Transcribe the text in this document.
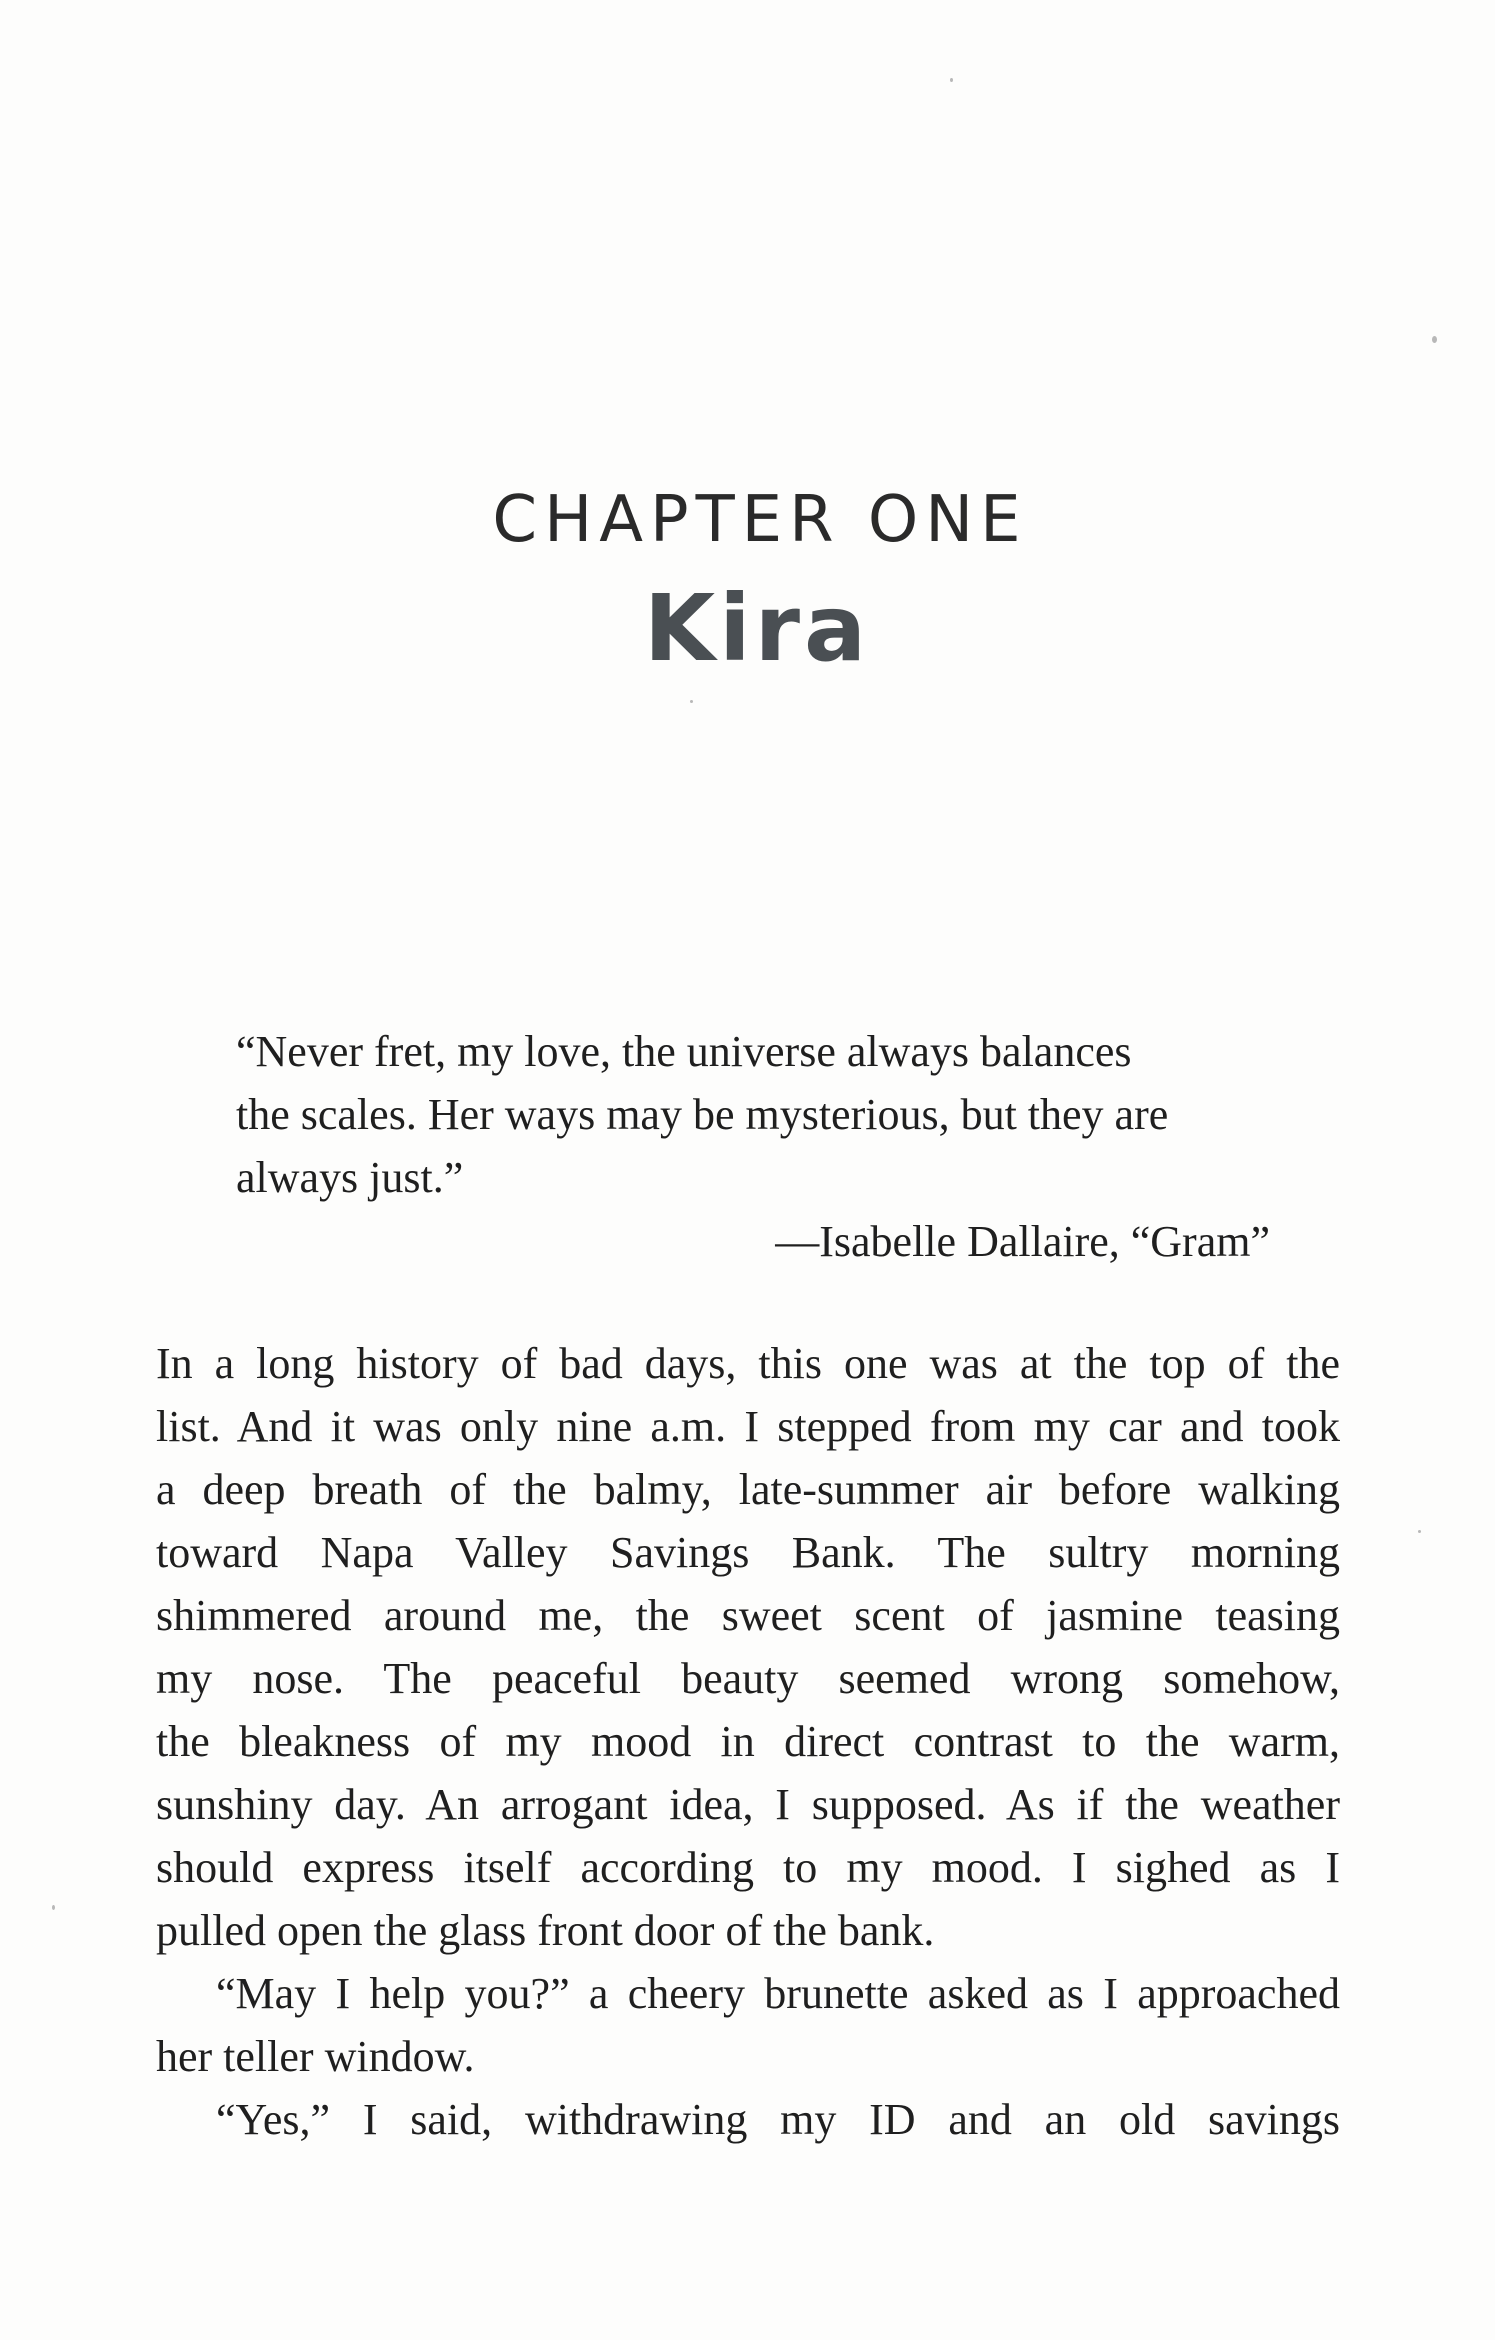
CHAPTER ONE
Kira
“Never fret, my love, the universe always balances
the scales. Her ways may be mysterious, but they are
always just.”
—Isabelle Dallaire, “Gram”
In a long history of bad days, this one was at the top of the
list. And it was only nine a.m. I stepped from my car and took
a deep breath of the balmy, late-summer air before walking
toward Napa Valley Savings Bank. The sultry morning
shimmered around me, the sweet scent of jasmine teasing
my nose. The peaceful beauty seemed wrong somehow,
the bleakness of my mood in direct contrast to the warm,
sunshiny day. An arrogant idea, I supposed. As if the weather
should express itself according to my mood. I sighed as I
pulled open the glass front door of the bank.
“May I help you?” a cheery brunette asked as I approached
her teller window.
“Yes,” I said, withdrawing my ID and an old savings
